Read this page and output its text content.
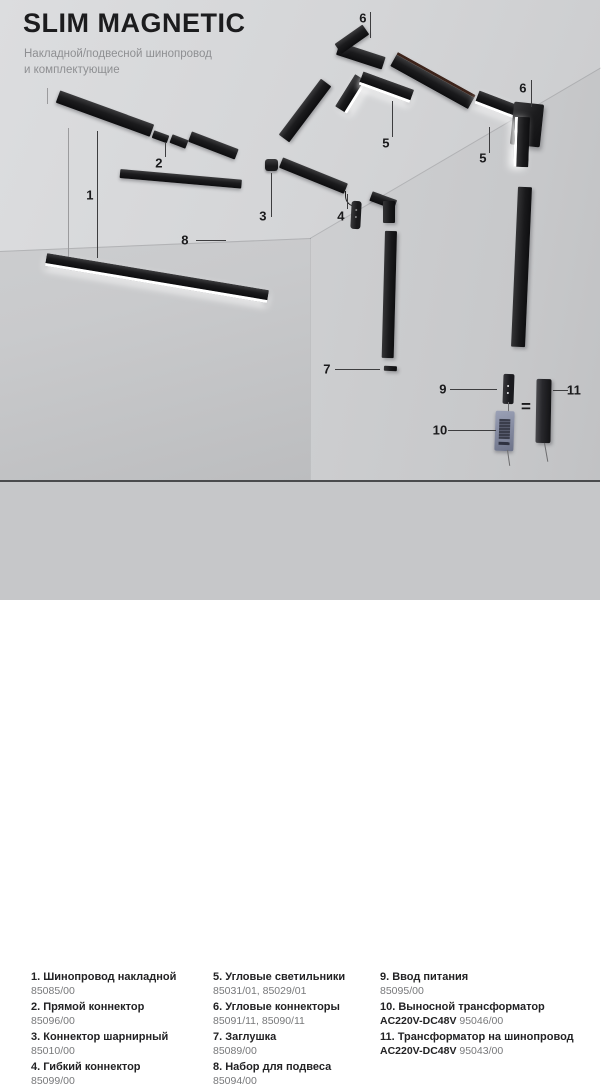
1
2
3	4
5
5
6
6
7
8
9
10
11
=
SLIM MAGNETIC
Накладной/подвесной шинопровод
и комплектующие
1. Шинопровод накладной
85085/00
2. Прямой коннектор
85096/00
3. Коннектор шарнирный
85010/00
4. Гибкий коннектор
85099/00
5. Угловые светильники
85031/01, 85029/01
6. Угловые коннекторы
85091/11, 85090/11
7. Заглушка
85089/00
8. Набор для подвеса
85094/00
9. Ввод питания
85095/00
10. Выносной трансформатор
AC220V-DC48V 95046/00
11. Трансформатор на шинопровод
AC220V-DC48V 95043/00
